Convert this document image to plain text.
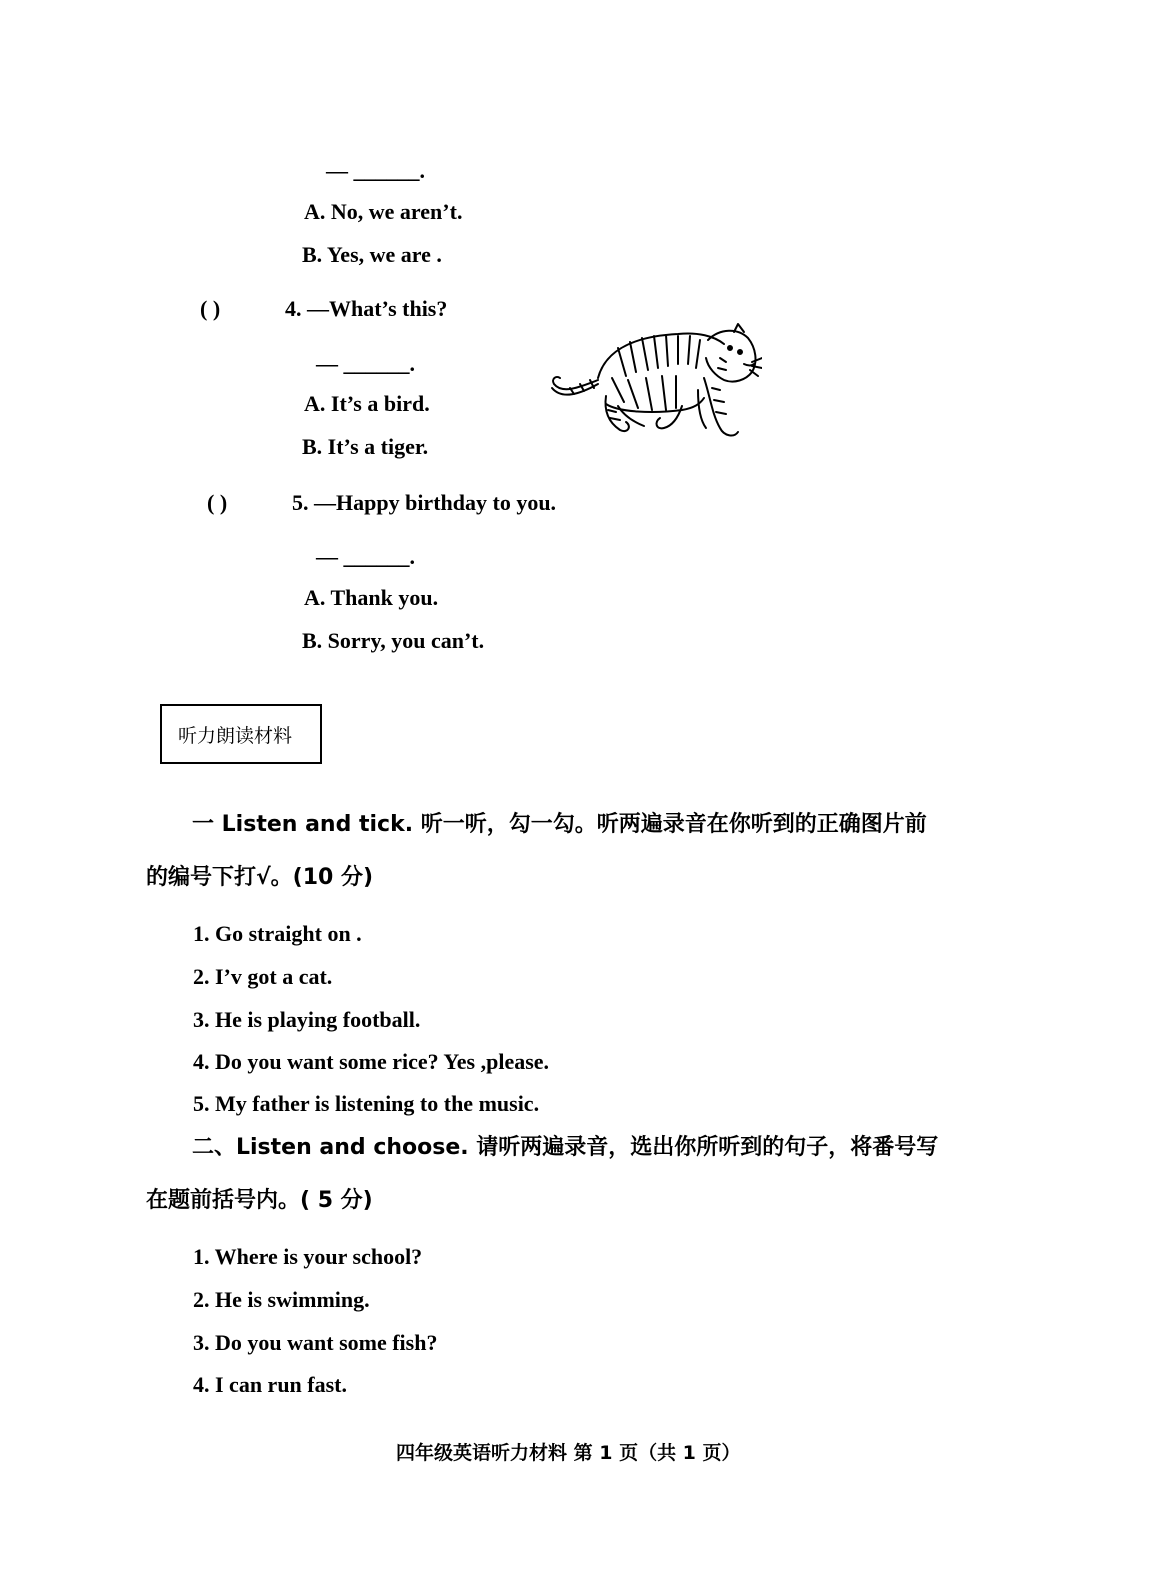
— ______.
A. No, we aren’t.
B. Yes, we are .
( )	4. —What’s this?
— ______.
A. It’s a bird.
B. It’s a tiger.
( )	5. —Happy birthday to you.
— ______.
A. Thank you.
B. Sorry, you can’t.
听力朗读材料
一 Listen and tick. 听一听，勾一勾。听两遍录音在你听到的正确图片前
的编号下打√。(10 分)
1. Go straight on .
2. I’v got a cat.
3. He is playing football.
4. Do you want some rice? Yes ,please.
5. My father is listening to the music.
二、Listen and choose. 请听两遍录音，选出你所听到的句子，将番号写
在题前括号内。( 5 分)
1. Where is your school?
2. He is swimming.
3. Do you want some fish?
4. I can run fast.
四年级英语听力材料 第 1 页（共 1 页）
